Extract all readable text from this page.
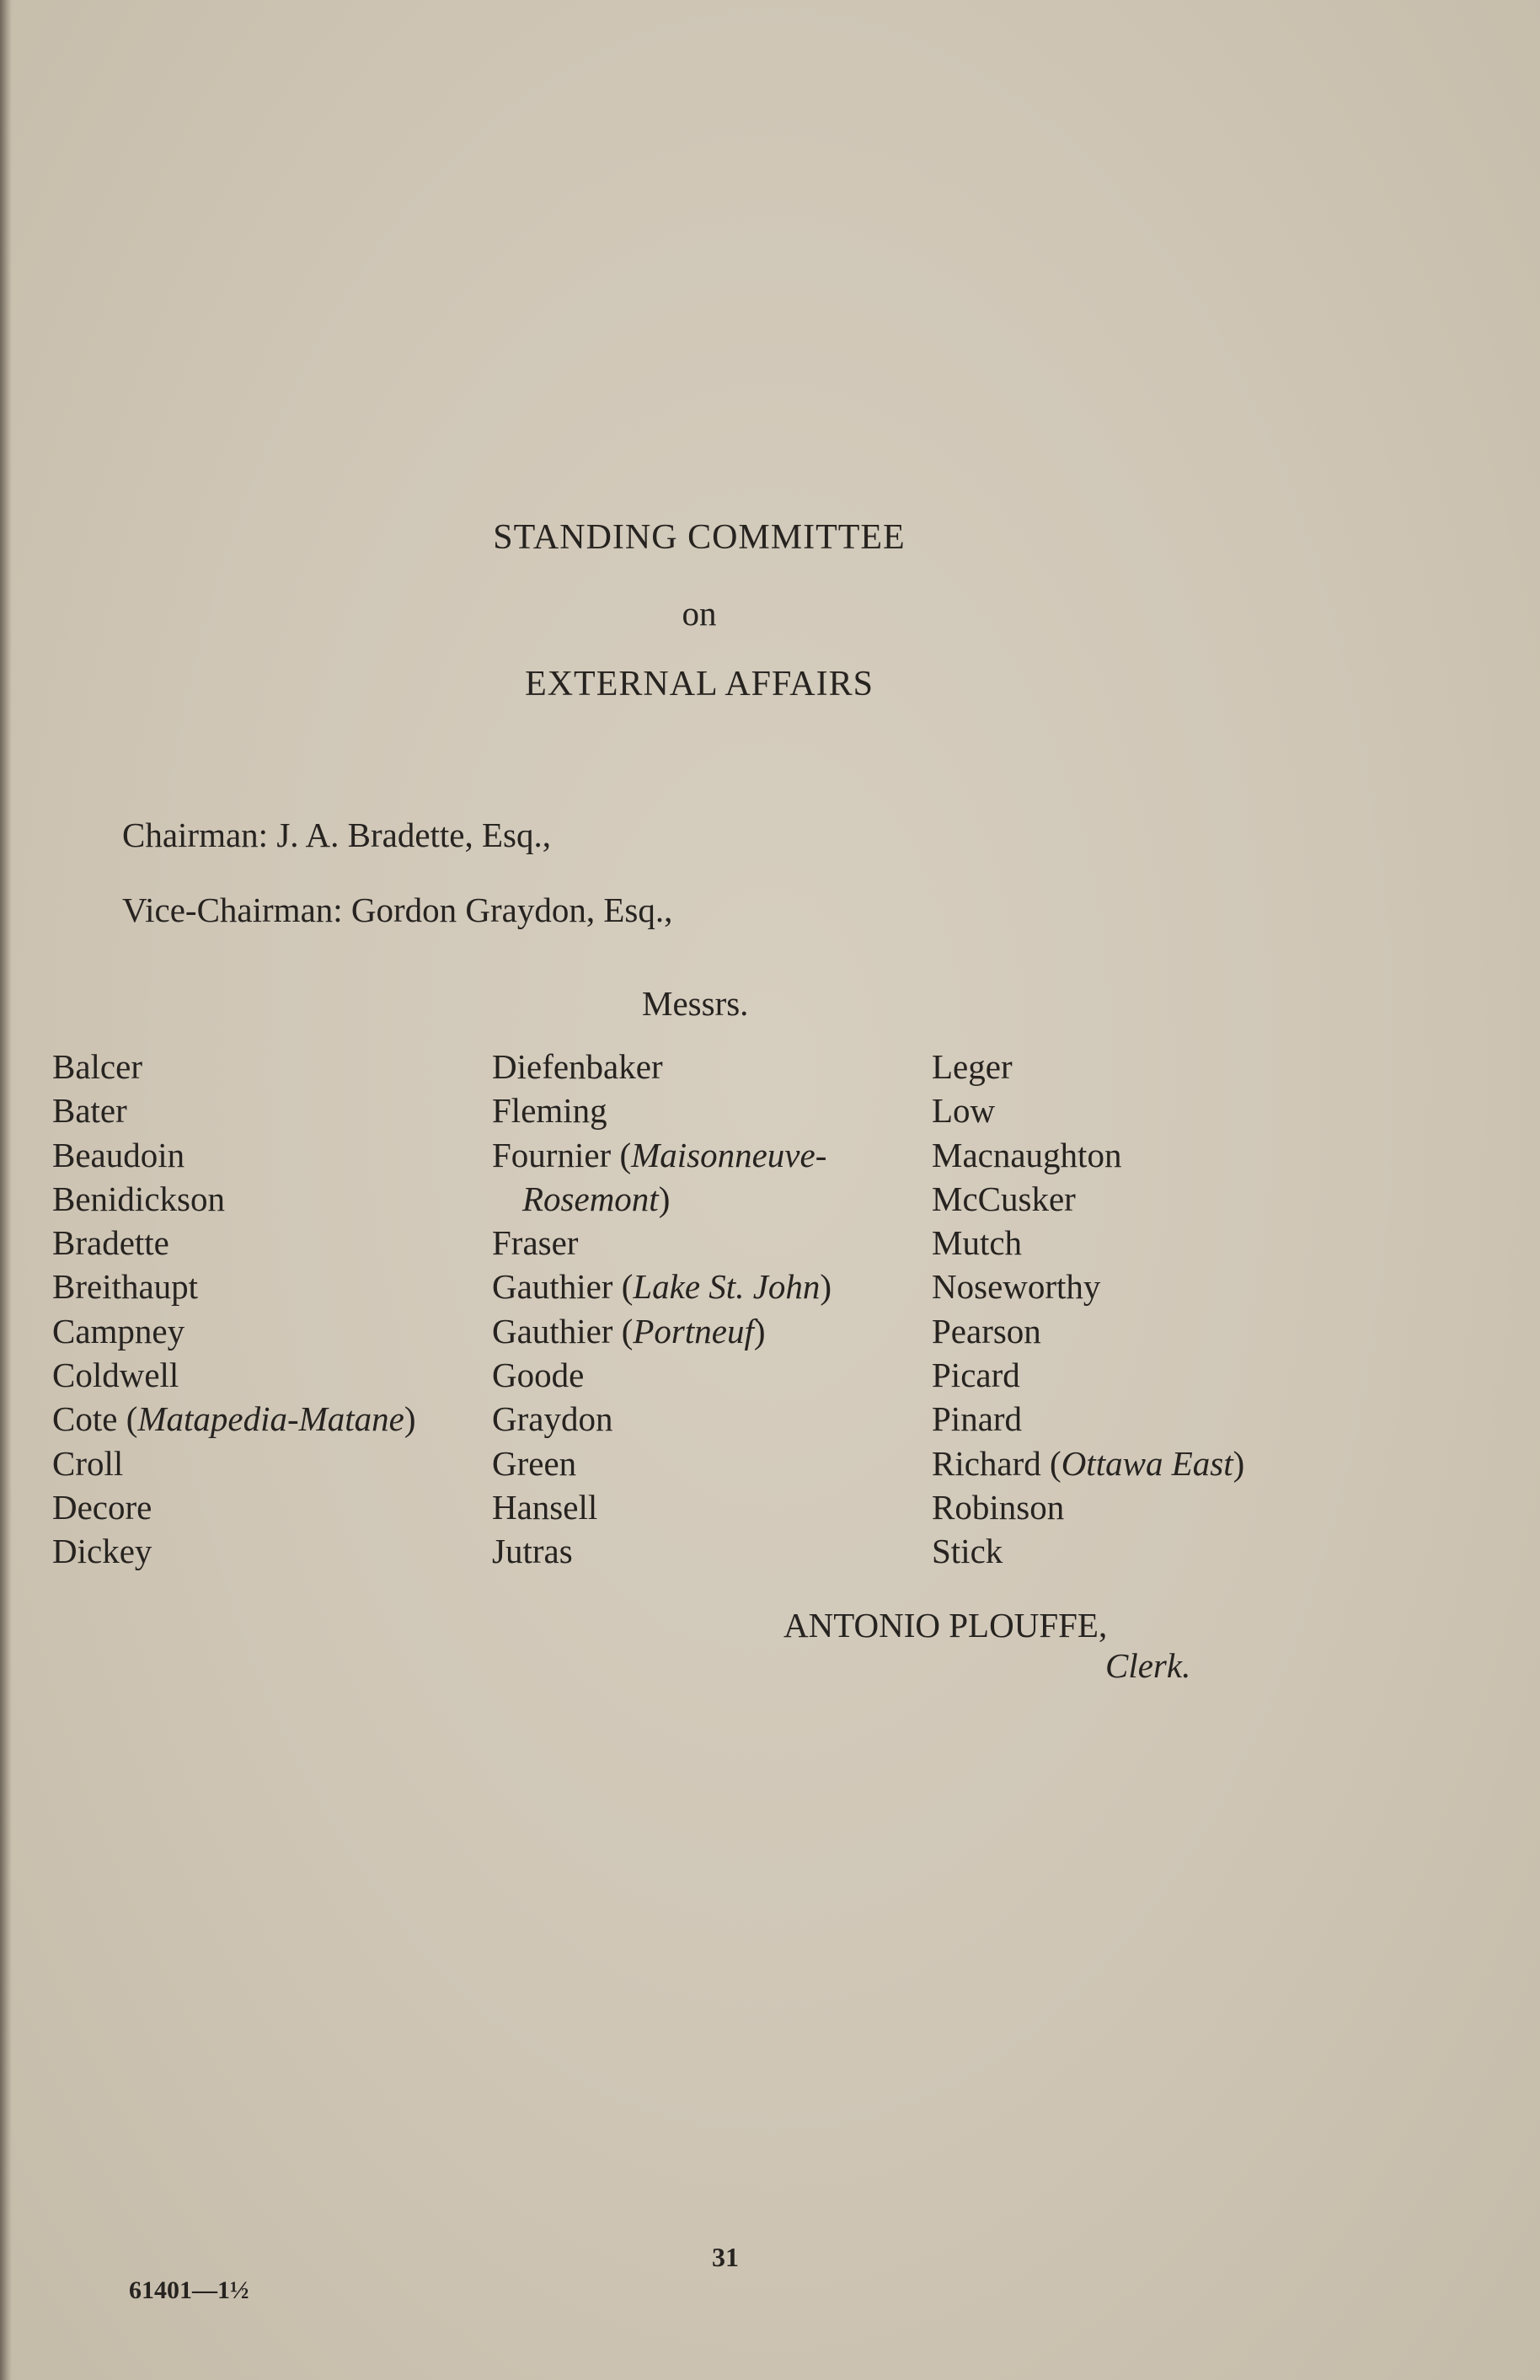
STANDING COMMITTEE
on
EXTERNAL AFFAIRS
Chairman: J. A. Bradette, Esq.,
Vice-Chairman: Gordon Graydon, Esq.,
Messrs.
Balcer
Bater
Beaudoin
Benidickson
Bradette
Breithaupt
Campney
Coldwell
Cote (Matapedia-Matane)
Croll
Decore
Dickey
Diefenbaker
Fleming
Fournier (Maisonneuve-
Rosemont)
Fraser
Gauthier (Lake St. John)
Gauthier (Portneuf)
Goode
Graydon
Green
Hansell
Jutras
Leger
Low
Macnaughton
McCusker
Mutch
Noseworthy
Pearson
Picard
Pinard
Richard (Ottawa East)
Robinson
Stick
ANTONIO PLOUFFE,
Clerk.
31
61401—1½
